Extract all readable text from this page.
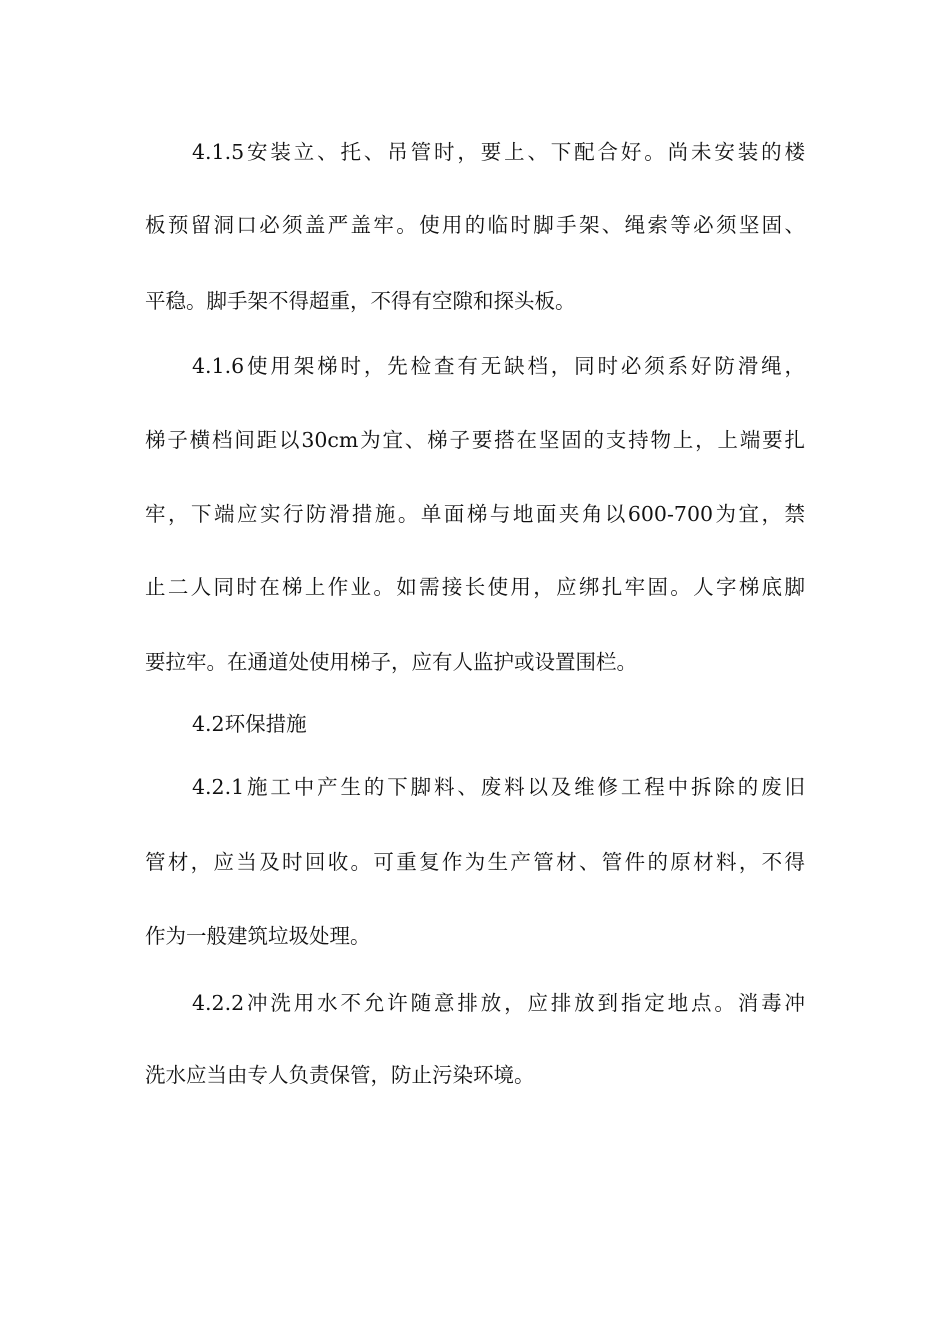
4.1.5安装立、托、吊管时，要上、下配合好。尚未安装的楼
板预留洞口必须盖严盖牢。使用的临时脚手架、绳索等必须坚固、
平稳。脚手架不得超重，不得有空隙和探头板。
4.1.6使用架梯时，先检查有无缺档，同时必须系好防滑绳，
梯子横档间距以30cm为宜、梯子要搭在坚固的支持物上，上端要扎
牢，下端应实行防滑措施。单面梯与地面夹角以600-700为宜，禁
止二人同时在梯上作业。如需接长使用，应绑扎牢固。人字梯底脚
要拉牢。在通道处使用梯子，应有人监护或设置围栏。
4.2环保措施
4.2.1施工中产生的下脚料、废料以及维修工程中拆除的废旧
管材，应当及时回收。可重复作为生产管材、管件的原材料，不得
作为一般建筑垃圾处理。
4.2.2冲洗用水不允许随意排放，应排放到指定地点。消毒冲
洗水应当由专人负责保管，防止污染环境。
